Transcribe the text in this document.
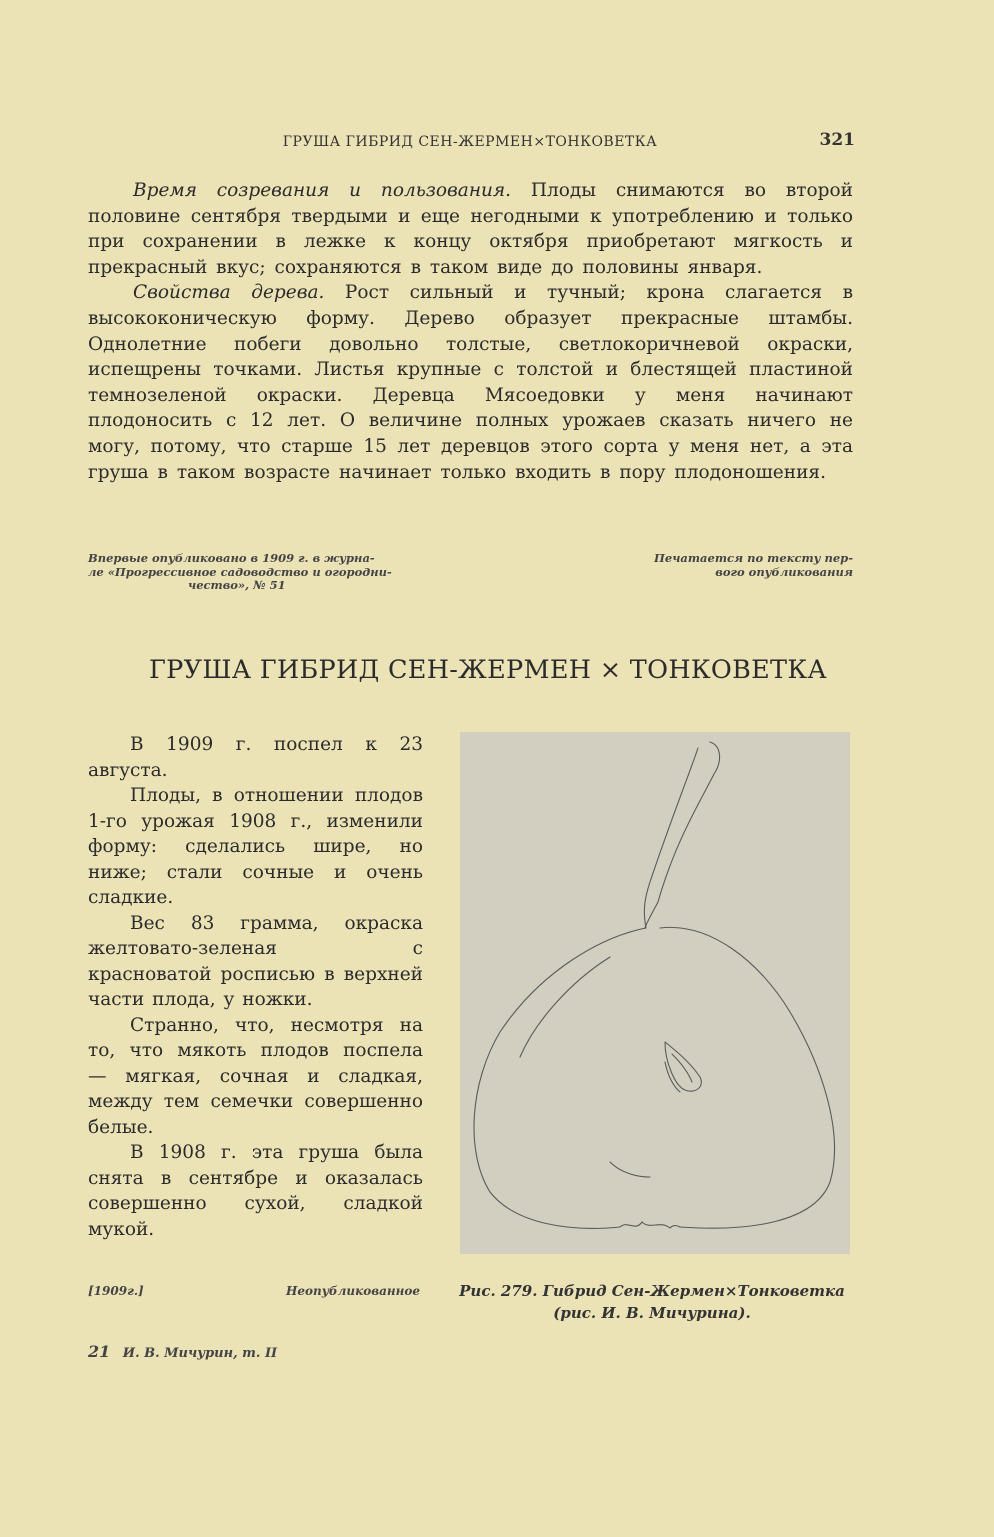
ГРУША ГИБРИД СЕН-ЖЕРМЕН×ТОНКОВЕТКА	321

Время созревания и пользования. Плоды снимаются во второй половине сентября твердыми и еще негодными к употреблению и только при сохранении в лежке к концу октября приобретают мягкость и прекрасный вкус; сохраняются в таком виде до половины января.

Свойства дерева. Рост сильный и тучный; крона слагается в высококоническую форму. Дерево образует прекрасные штамбы. Однолетние побеги довольно толстые, светлокоричневой окраски, испещрены точками. Листья крупные с толстой и блестящей пластиной темнозеленой окраски. Деревца Мясоедовки у меня начинают плодоносить с 12 лет. О величине полных урожаев сказать ничего не могу, потому, что старше 15 лет деревцов этого сорта у меня нет, а эта груша в таком возрасте начинает только входить в пору плодоношения.

Впервые опубликовано в 1909 г. в журна-
ле «Прогрессивное садоводство и огородни-
чество», № 51
Печатается по тексту пер-
вого опубликования
ГРУША ГИБРИД СЕН-ЖЕРМЕН × ТОНКОВЕТКА

В 1909 г. поспел к 23 августа.

Плоды, в отношении плодов 1-го урожая 1908 г., изменили форму: сделались шире, но ниже; стали сочные и очень сладкие.

Вес 83 грамма, окраска желтовато-зеленая с красноватой росписью в верхней части плода, у ножки.

Странно, что, несмотря на то, что мякоть плодов поспела — мягкая, сочная и сладкая, между тем семечки совершенно белые.

В 1908 г. эта груша была снята в сентябре и оказалась совершенно сухой, сладкой мукой.

Рис. 279. Гибрид Сен-Жермен×Тонковетка
(рис. И. В. Мичурина).
[1909г.]	Неопубликованное
21 И. В. Мичурин, т. II
